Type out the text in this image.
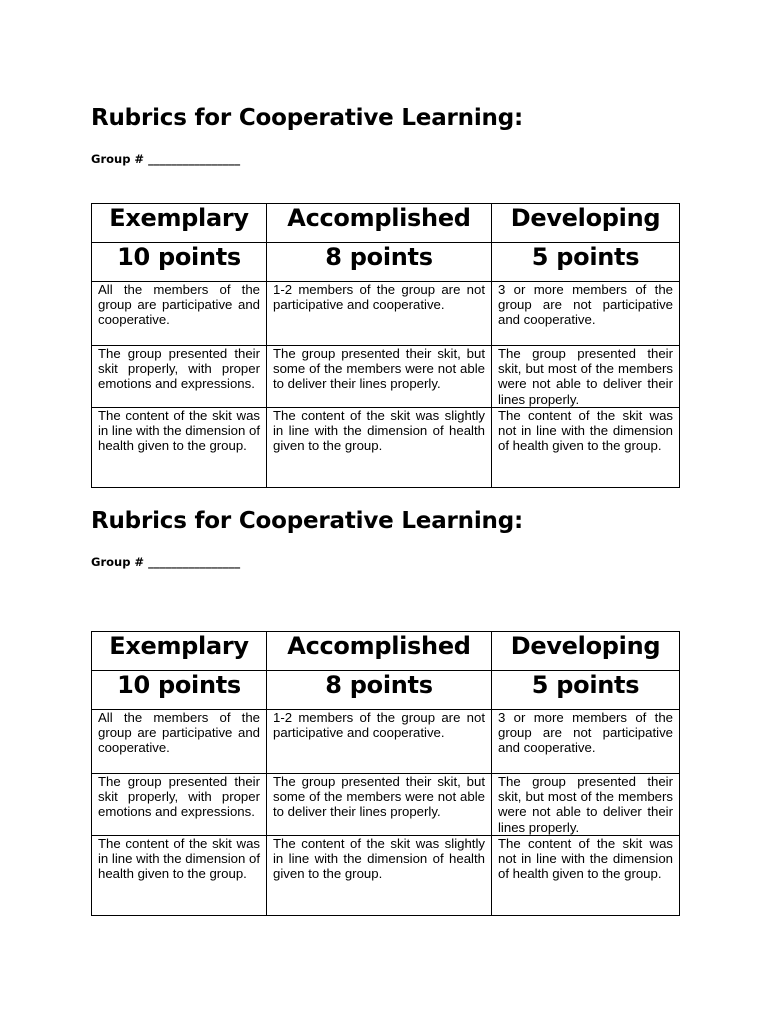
Rubrics for Cooperative Learning:
Group # ________________
Exemplary	Accomplished	Developing
10 points	8 points	5 points
All the members of the group are participative and cooperative.	1-2 members of the group are not participative and cooperative.	3 or more members of the group are not participative and cooperative.
The group presented their skit properly, with proper emotions and expressions.	The group presented their skit, but some of the members were not able to deliver their lines properly.	The group presented their skit, but most of the members were not able to deliver their lines properly.
The content of the skit was in line with the dimension of health given to the group.	The content of the skit was slightly in line with the dimension of health given to the group.	The content of the skit was not in line with the dimension of health given to the group.
Rubrics for Cooperative Learning:
Group # ________________
Exemplary	Accomplished	Developing
10 points	8 points	5 points
All the members of the group are participative and cooperative.	1-2 members of the group are not participative and cooperative.	3 or more members of the group are not participative and cooperative.
The group presented their skit properly, with proper emotions and expressions.	The group presented their skit, but some of the members were not able to deliver their lines properly.	The group presented their skit, but most of the members were not able to deliver their lines properly.
The content of the skit was in line with the dimension of health given to the group.	The content of the skit was slightly in line with the dimension of health given to the group.	The content of the skit was not in line with the dimension of health given to the group.
